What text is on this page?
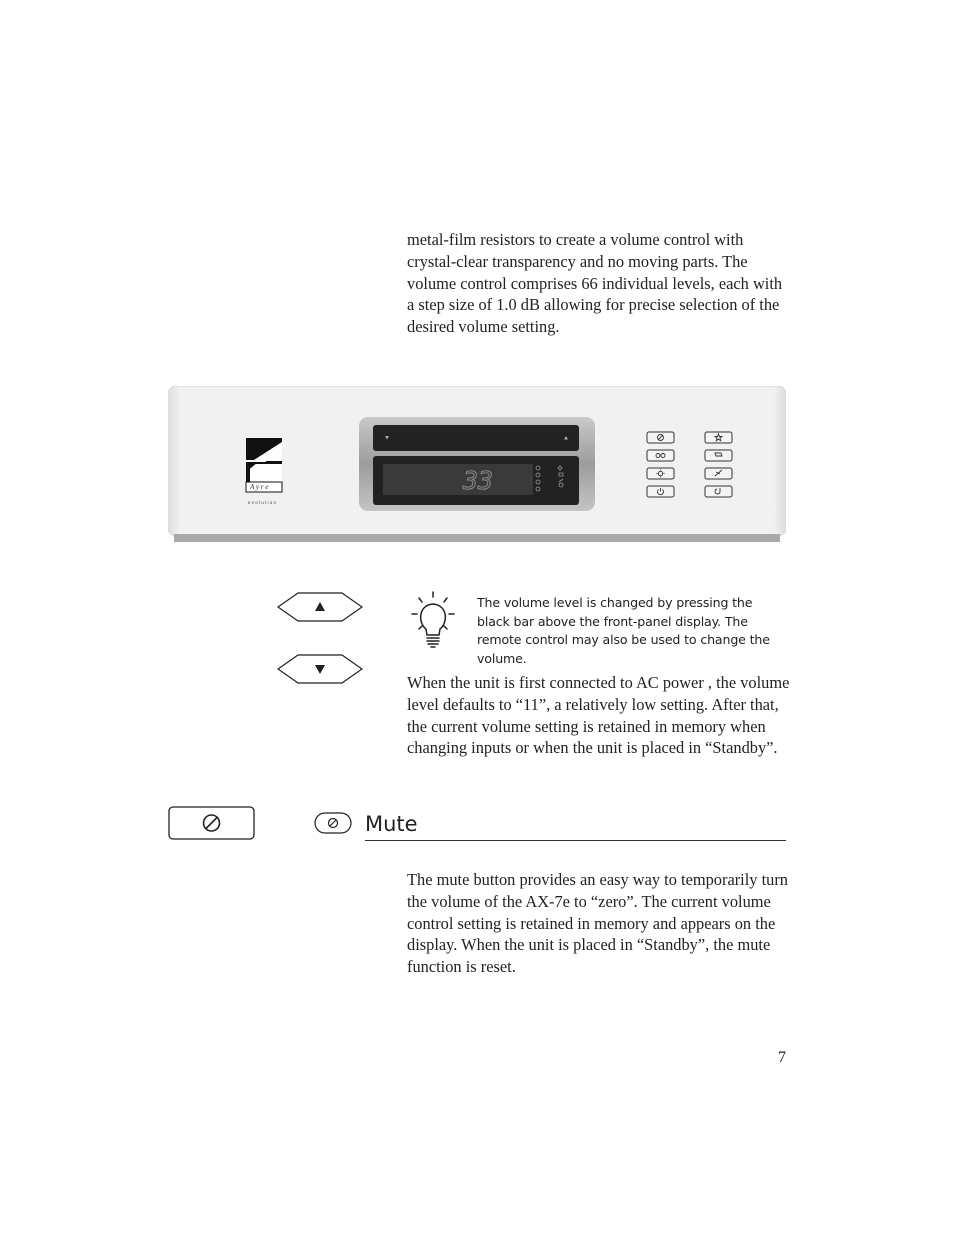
metal-film resistors to create a volume control with crystal-clear transparency and no moving parts. The volume control comprises 66 individual levels, each with a step size of 1.0 dB allowing for precise selection of the desired volume setting.

A y r e
e v o l u t i o n
33

The volume level is changed by pressing the black bar above the front-panel display. The remote control may also be used to change the volume.

When the unit is first connected to AC power , the volume level defaults to “11”, a relatively low setting. After that, the current volume setting is retained in memory when changing inputs or when the unit is placed in “Standby”.

Mute

The mute button provides an easy way to temporarily turn the volume of the AX-7e to “zero”. The current volume control setting is retained in memory and appears on the display. When the unit is placed in “Standby”, the mute function is reset.

7
